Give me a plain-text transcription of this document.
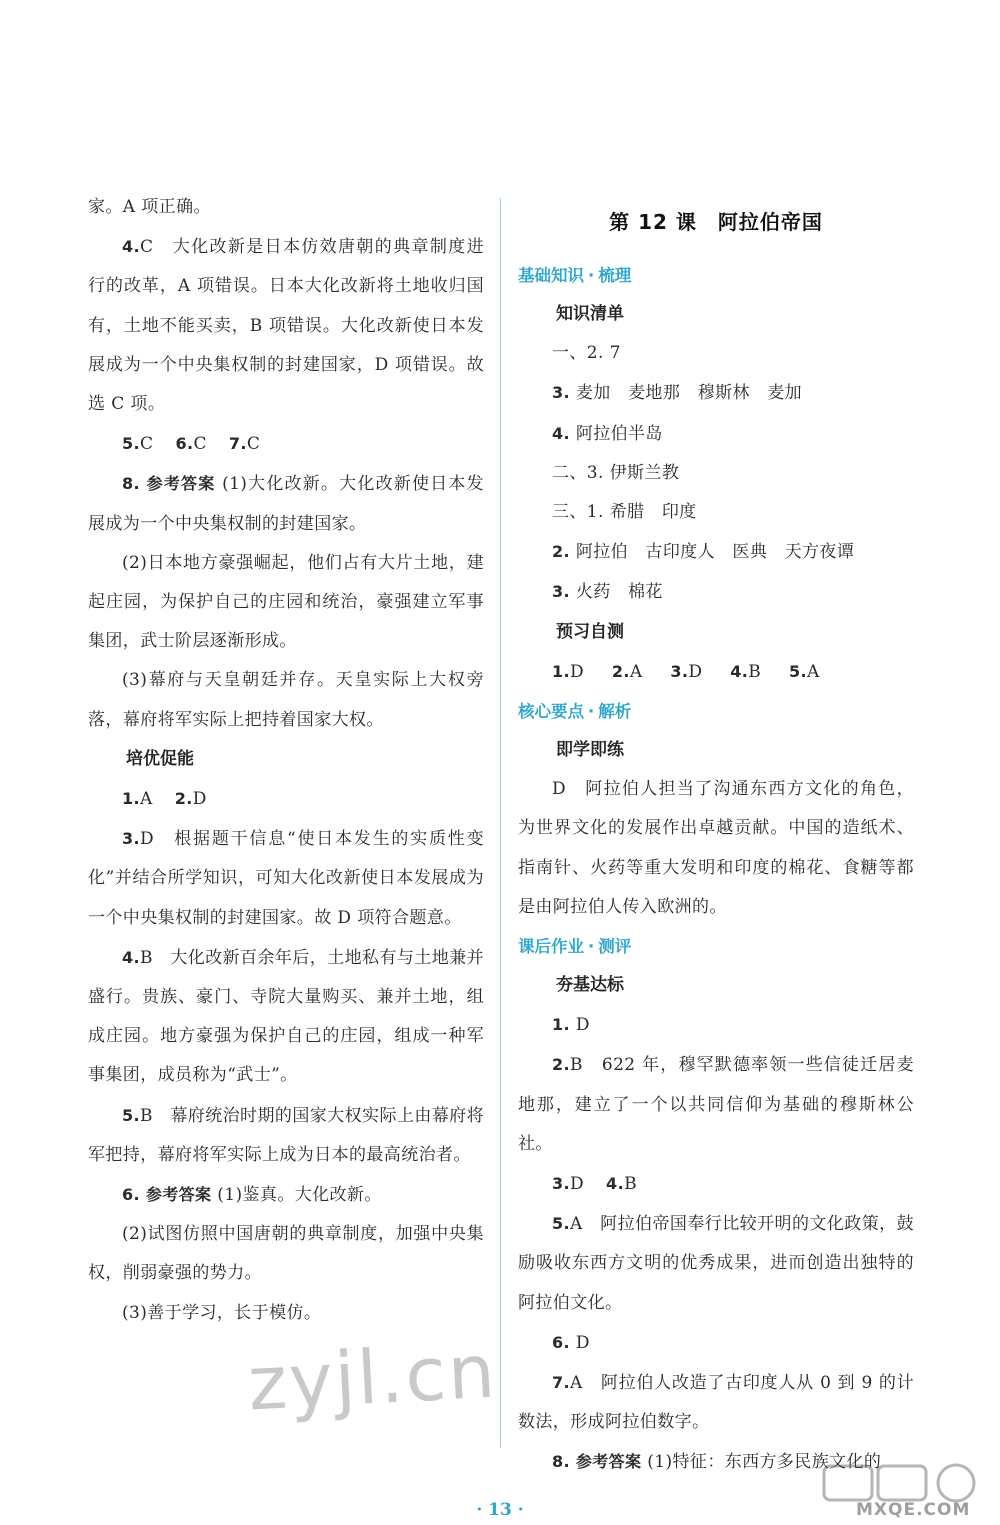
家。A 项正确。

4.C　大化改新是日本仿效唐朝的典章制度进行的改革，A 项错误。日本大化改新将土地收归国有，土地不能买卖，B 项错误。大化改新使日本发展成为一个中央集权制的封建国家，D 项错误。故选 C 项。

5.C 6.C 7.C

8. 参考答案 (1)大化改新。大化改新使日本发展成为一个中央集权制的封建国家。

(2)日本地方豪强崛起，他们占有大片土地，建起庄园，为保护自己的庄园和统治，豪强建立军事集团，武士阶层逐渐形成。

(3)幕府与天皇朝廷并存。天皇实际上大权旁落，幕府将军实际上把持着国家大权。

培优促能

1.A 2.D

3.D　根据题干信息“使日本发生的实质性变化”并结合所学知识，可知大化改新使日本发展成为一个中央集权制的封建国家。故 D 项符合题意。

4.B　大化改新百余年后，土地私有与土地兼并盛行。贵族、豪门、寺院大量购买、兼并土地，组成庄园。地方豪强为保护自己的庄园，组成一种军事集团，成员称为“武士”。

5.B　幕府统治时期的国家大权实际上由幕府将军把持，幕府将军实际上成为日本的最高统治者。

6. 参考答案 (1)鉴真。大化改新。

(2)试图仿照中国唐朝的典章制度，加强中央集权，削弱豪强的势力。

(3)善于学习，长于模仿。

第 12 课　阿拉伯帝国
基础知识 · 梳理
知识清单

一、2. 7

3. 麦加　麦地那　穆斯林　麦加

4. 阿拉伯半岛

二、3. 伊斯兰教

三、1. 希腊　印度

2. 阿拉伯　古印度人　医典　天方夜谭

3. 火药　棉花

预习自测

1.D 2.A 3.D 4.B 5.A

核心要点 · 解析
即学即练

D　阿拉伯人担当了沟通东西方文化的角色，为世界文化的发展作出卓越贡献。中国的造纸术、指南针、火药等重大发明和印度的棉花、食糖等都是由阿拉伯人传入欧洲的。

课后作业 · 测评
夯基达标

1. D

2.B　622 年，穆罕默德率领一些信徒迁居麦地那，建立了一个以共同信仰为基础的穆斯林公社。

3.D 4.B

5.A　阿拉伯帝国奉行比较开明的文化政策，鼓励吸收东西方文明的优秀成果，进而创造出独特的阿拉伯文化。

6. D

7.A　阿拉伯人改造了古印度人从 0 到 9 的计数法，形成阿拉伯数字。

8. 参考答案 (1)特征：东西方多民族文化的

· 13 ·
zyjl.cn
MXQE.COM
